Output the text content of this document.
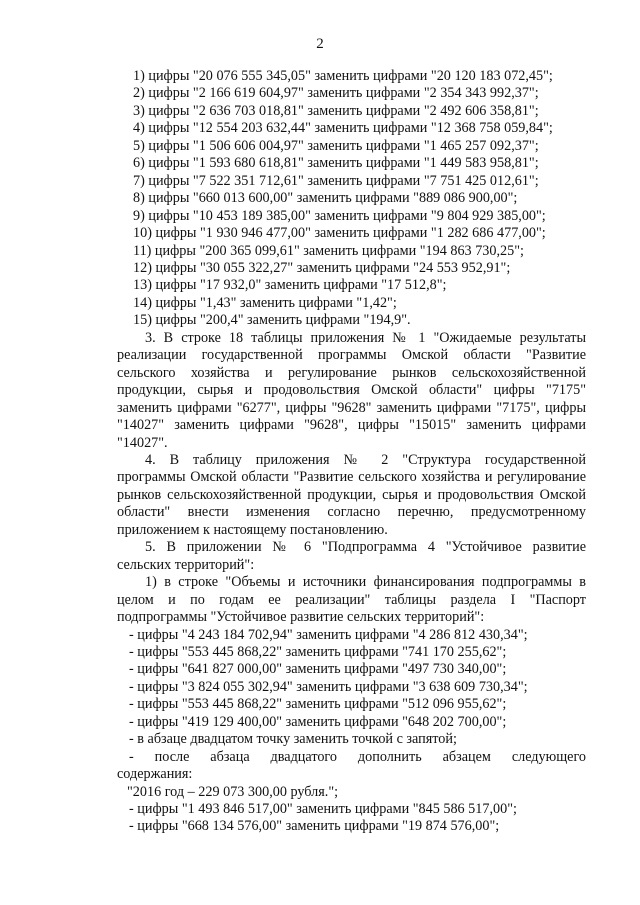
2
1) цифры "20 076 555 345,05" заменить цифрами "20 120 183 072,45";
2) цифры "2 166 619 604,97" заменить цифрами "2 354 343 992,37";
3) цифры "2 636 703 018,81" заменить цифрами "2 492 606 358,81";
4) цифры "12 554 203 632,44" заменить цифрами "12 368 758 059,84";
5) цифры "1 506 606 004,97" заменить цифрами "1 465 257 092,37";
6) цифры "1 593 680 618,81" заменить цифрами "1 449 583 958,81";
7) цифры "7 522 351 712,61" заменить цифрами "7 751 425 012,61";
8) цифры "660 013 600,00" заменить цифрами "889 086 900,00";
9) цифры "10 453 189 385,00" заменить цифрами "9 804 929 385,00";
10) цифры "1 930 946 477,00" заменить цифрами "1 282 686 477,00";
11) цифры "200 365 099,61" заменить цифрами "194 863 730,25";
12) цифры "30 055 322,27" заменить цифрами "24 553 952,91";
13) цифры "17 932,0" заменить цифрами "17 512,8";
14) цифры "1,43" заменить цифрами "1,42";
15) цифры "200,4" заменить цифрами "194,9".
3. В строке 18 таблицы приложения № 1 "Ожидаемые результаты
реализации государственной программы Омской области "Развитие
сельского хозяйства и регулирование рынков сельскохозяйственной
продукции, сырья и продовольствия Омской области" цифры "7175"
заменить цифрами "6277", цифры "9628" заменить цифрами "7175", цифры
"14027" заменить цифрами "9628", цифры "15015" заменить цифрами
"14027".
4. В таблицу приложения № 2 "Структура государственной
программы Омской области "Развитие сельского хозяйства и регулирование
рынков сельскохозяйственной продукции, сырья и продовольствия Омской
области" внести изменения согласно перечню, предусмотренному
приложением к настоящему постановлению.
5. В приложении № 6 "Подпрограмма 4 "Устойчивое развитие
сельских территорий":
1) в строке "Объемы и источники финансирования подпрограммы в
целом и по годам ее реализации" таблицы раздела I "Паспорт
подпрограммы "Устойчивое развитие сельских территорий":
- цифры "4 243 184 702,94" заменить цифрами "4 286 812 430,34";
- цифры "553 445 868,22" заменить цифрами "741 170 255,62";
- цифры "641 827 000,00" заменить цифрами "497 730 340,00";
- цифры "3 824 055 302,94" заменить цифрами "3 638 609 730,34";
- цифры "553 445 868,22" заменить цифрами "512 096 955,62";
- цифры "419 129 400,00" заменить цифрами "648 202 700,00";
- в абзаце двадцатом точку заменить точкой с запятой;
- после абзаца двадцатого дополнить абзацем следующего
содержания:
"2016 год – 229 073 300,00 рубля.";
- цифры "1 493 846 517,00" заменить цифрами "845 586 517,00";
- цифры "668 134 576,00" заменить цифрами "19 874 576,00";
